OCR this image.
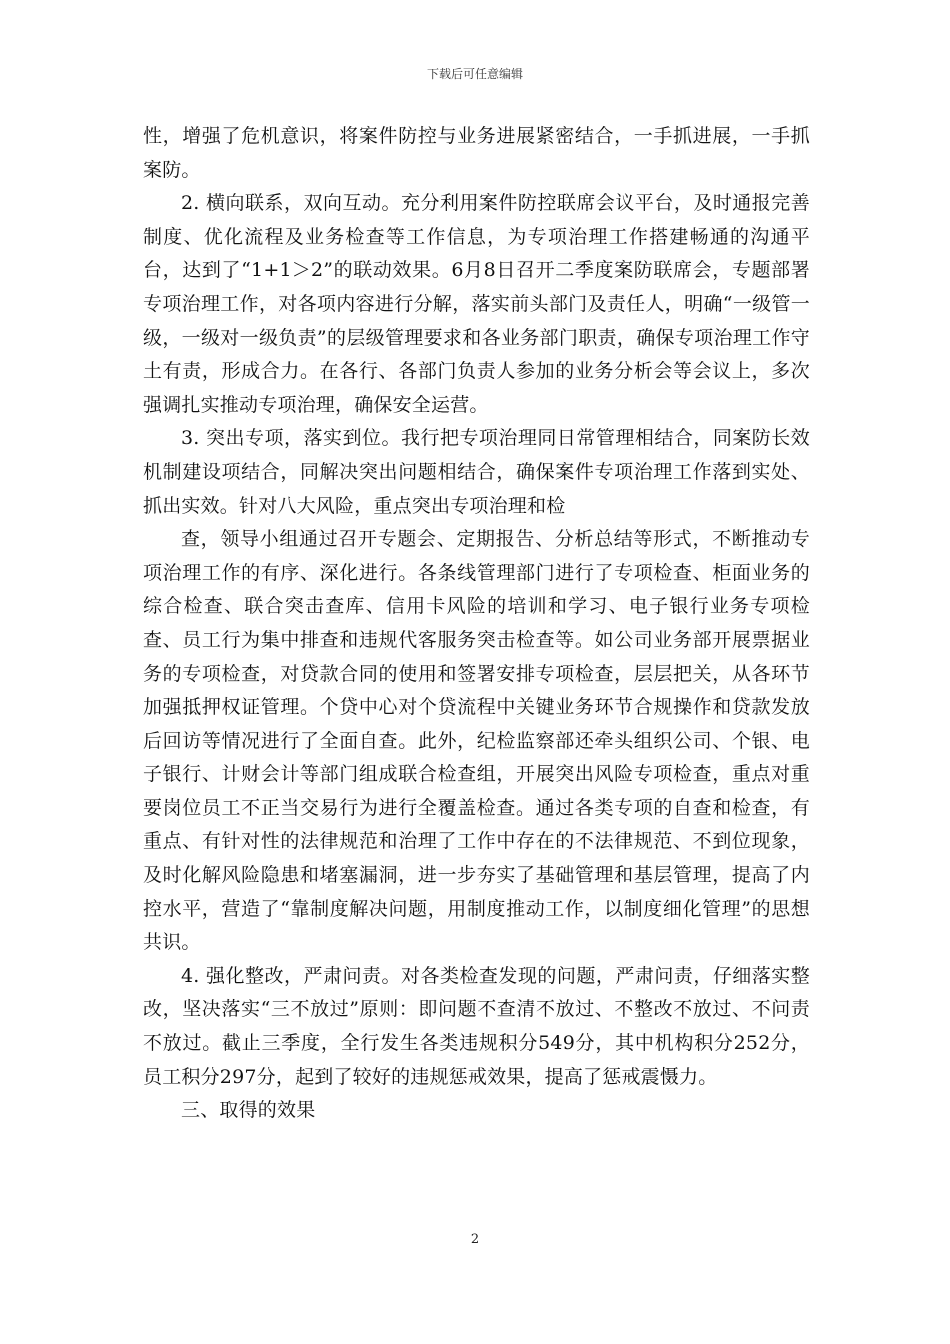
下载后可任意编辑

性，增强了危机意识，将案件防控与业务进展紧密结合，一手抓进展，一手抓案防。

2. 横向联系，双向互动。充分利用案件防控联席会议平台，及时通报完善制度、优化流程及业务检查等工作信息，为专项治理工作搭建畅通的沟通平台，达到了“1+1＞2”的联动效果。6月8日召开二季度案防联席会，专题部署专项治理工作，对各项内容进行分解，落实前头部门及责任人，明确“一级管一级，一级对一级负责”的层级管理要求和各业务部门职责，确保专项治理工作守土有责，形成合力。在各行、各部门负责人参加的业务分析会等会议上，多次强调扎实推动专项治理，确保安全运营。

3. 突出专项，落实到位。我行把专项治理同日常管理相结合，同案防长效机制建设项结合，同解决突出问题相结合，确保案件专项治理工作落到实处、抓出实效。针对八大风险，重点突出专项治理和检

查，领导小组通过召开专题会、定期报告、分析总结等形式，不断推动专项治理工作的有序、深化进行。各条线管理部门进行了专项检查、柜面业务的综合检查、联合突击查库、信用卡风险的培训和学习、电子银行业务专项检查、员工行为集中排查和违规代客服务突击检查等。如公司业务部开展票据业务的专项检查，对贷款合同的使用和签署安排专项检查，层层把关，从各环节加强抵押权证管理。个贷中心对个贷流程中关键业务环节合规操作和贷款发放后回访等情况进行了全面自查。此外，纪检监察部还牵头组织公司、个银、电子银行、计财会计等部门组成联合检查组，开展突出风险专项检查，重点对重要岗位员工不正当交易行为进行全覆盖检查。通过各类专项的自查和检查，有重点、有针对性的法律规范和治理了工作中存在的不法律规范、不到位现象，及时化解风险隐患和堵塞漏洞，进一步夯实了基础管理和基层管理，提高了内控水平，营造了“靠制度解决问题，用制度推动工作，以制度细化管理”的思想共识。

4. 强化整改，严肃问责。对各类检查发现的问题，严肃问责，仔细落实整改，坚决落实“三不放过”原则：即问题不查清不放过、不整改不放过、不问责不放过。截止三季度，全行发生各类违规积分549分，其中机构积分252分，员工积分297分，起到了较好的违规惩戒效果，提高了惩戒震慑力。

三、取得的效果

2
